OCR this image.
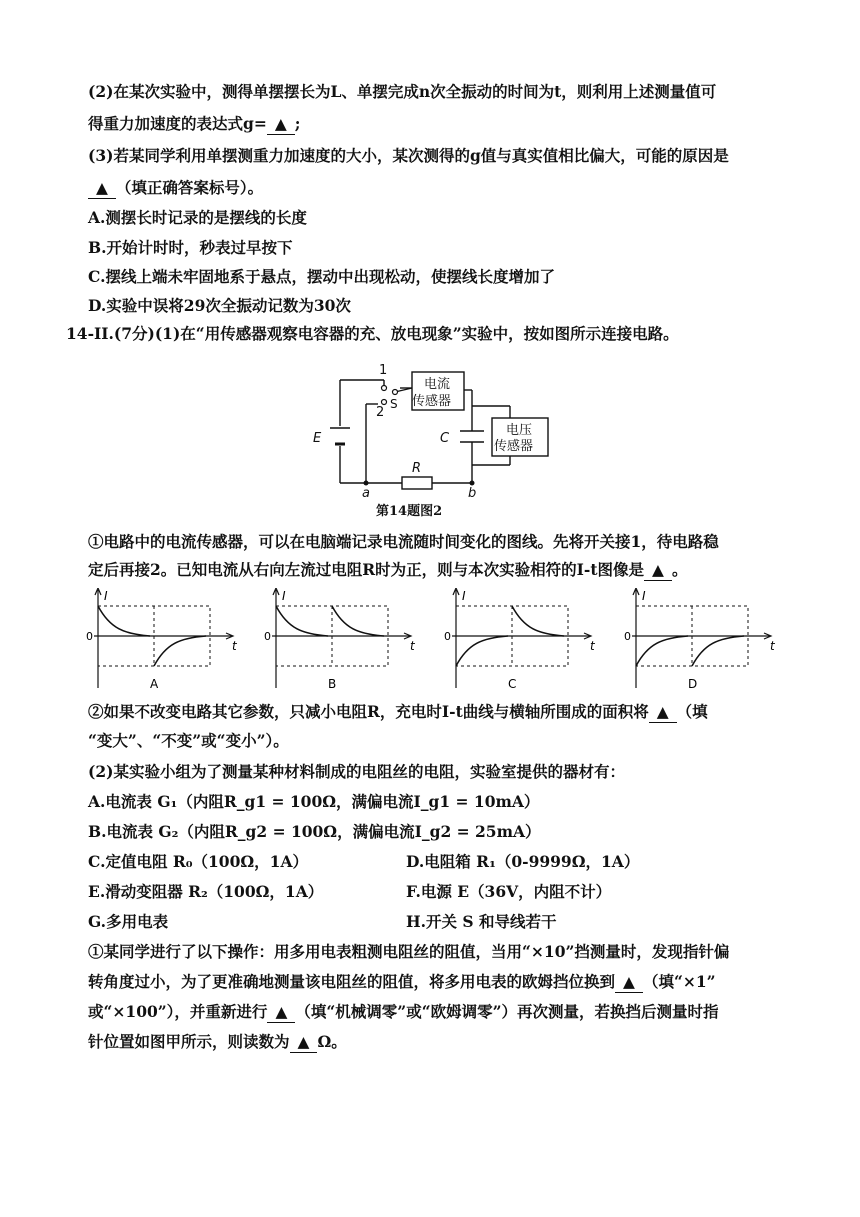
(2)在某次实验中，测得单摆摆长为L、单摆完成n次全振动的时间为t，则利用上述测量值可
得重力加速度的表达式g= ▲ ;
(3)若某同学利用单摆测重力加速度的大小，某次测得的g值与真实值相比偏大，可能的原因是
▲ （填正确答案标号）。
A.测摆长时记录的是摆线的长度
B.开始计时时，秒表过早按下
C.摆线上端未牢固地系于悬点，摆动中出现松动，使摆线长度增加了
D.实验中误将29次全振动记数为30次
14-II.(7分)(1)在“用传感器观察电容器的充、放电现象”实验中，按如图所示连接电路。
E
1
2
S
电流
传感器
C
电压
传感器
R
a	b
第14题图2
①电路中的电流传感器，可以在电脑端记录电流随时间变化的图线。先将开关接1，待电路稳
定后再接2。已知电流从右向左流过电阻R时为正，则与本次实验相符的I-t图像是 ▲ 。
I
t
0
A
I
t
0
B
I
t
0
C
I
t
0
D
②如果不改变电路其它参数，只减小电阻R，充电时I-t曲线与横轴所围成的面积将 ▲ （填
“变大”、“不变”或“变小”）。
(2)某实验小组为了测量某种材料制成的电阻丝的电阻，实验室提供的器材有：
A.电流表 G₁（内阻R_g1 = 100Ω，满偏电流I_g1 = 10mA）
B.电流表 G₂（内阻R_g2 = 100Ω，满偏电流I_g2 = 25mA）
C.定值电阻 R₀（100Ω，1A）	D.电阻箱 R₁（0-9999Ω，1A）
E.滑动变阻器 R₂（100Ω，1A）	F.电源 E（36V，内阻不计）
G.多用电表	H.开关 S 和导线若干
①某同学进行了以下操作：用多用电表粗测电阻丝的阻值，当用“×10”挡测量时，发现指针偏
转角度过小，为了更准确地测量该电阻丝的阻值，将多用电表的欧姆挡位换到 ▲ （填“×1”
或“×100”），并重新进行 ▲ （填“机械调零”或“欧姆调零”）再次测量，若换挡后测量时指
针位置如图甲所示，则读数为 ▲ Ω。
